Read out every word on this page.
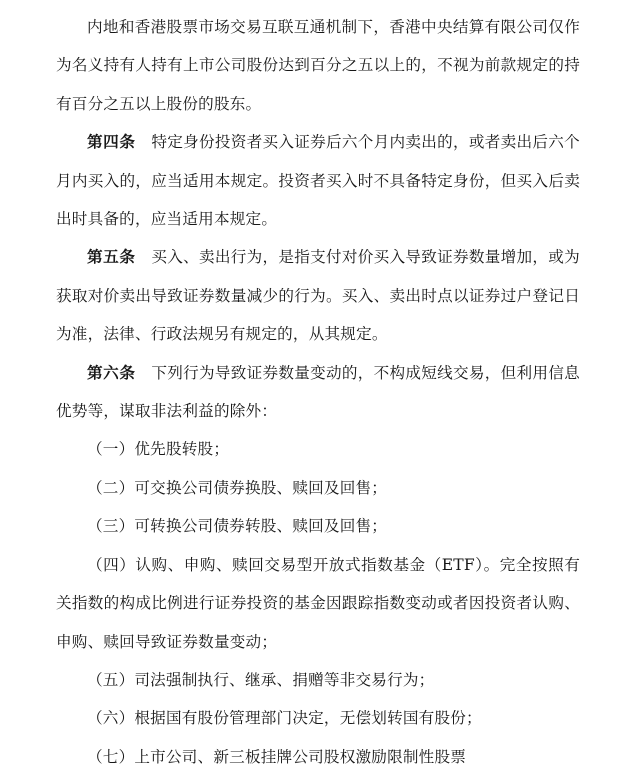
内地和香港股票市场交易互联互通机制下，香港中央结算有限公司仅作为名义持有人持有上市公司股份达到百分之五以上的，不视为前款规定的持有百分之五以上股份的股东。

第四条　特定身份投资者买入证券后六个月内卖出的，或者卖出后六个月内买入的，应当适用本规定。投资者买入时不具备特定身份，但买入后卖出时具备的，应当适用本规定。

第五条　买入、卖出行为，是指支付对价买入导致证券数量增加，或为获取对价卖出导致证券数量减少的行为。买入、卖出时点以证券过户登记日为准，法律、行政法规另有规定的，从其规定。

第六条　下列行为导致证券数量变动的，不构成短线交易，但利用信息优势等，谋取非法利益的除外：

（一）优先股转股；

（二）可交换公司债券换股、赎回及回售；

（三）可转换公司债券转股、赎回及回售；

（四）认购、申购、赎回交易型开放式指数基金（ETF）。完全按照有关指数的构成比例进行证券投资的基金因跟踪指数变动或者因投资者认购、申购、赎回导致证券数量变动；

（五）司法强制执行、继承、捐赠等非交易行为；

（六）根据国有股份管理部门决定，无偿划转国有股份；

（七）上市公司、新三板挂牌公司股权激励限制性股票
